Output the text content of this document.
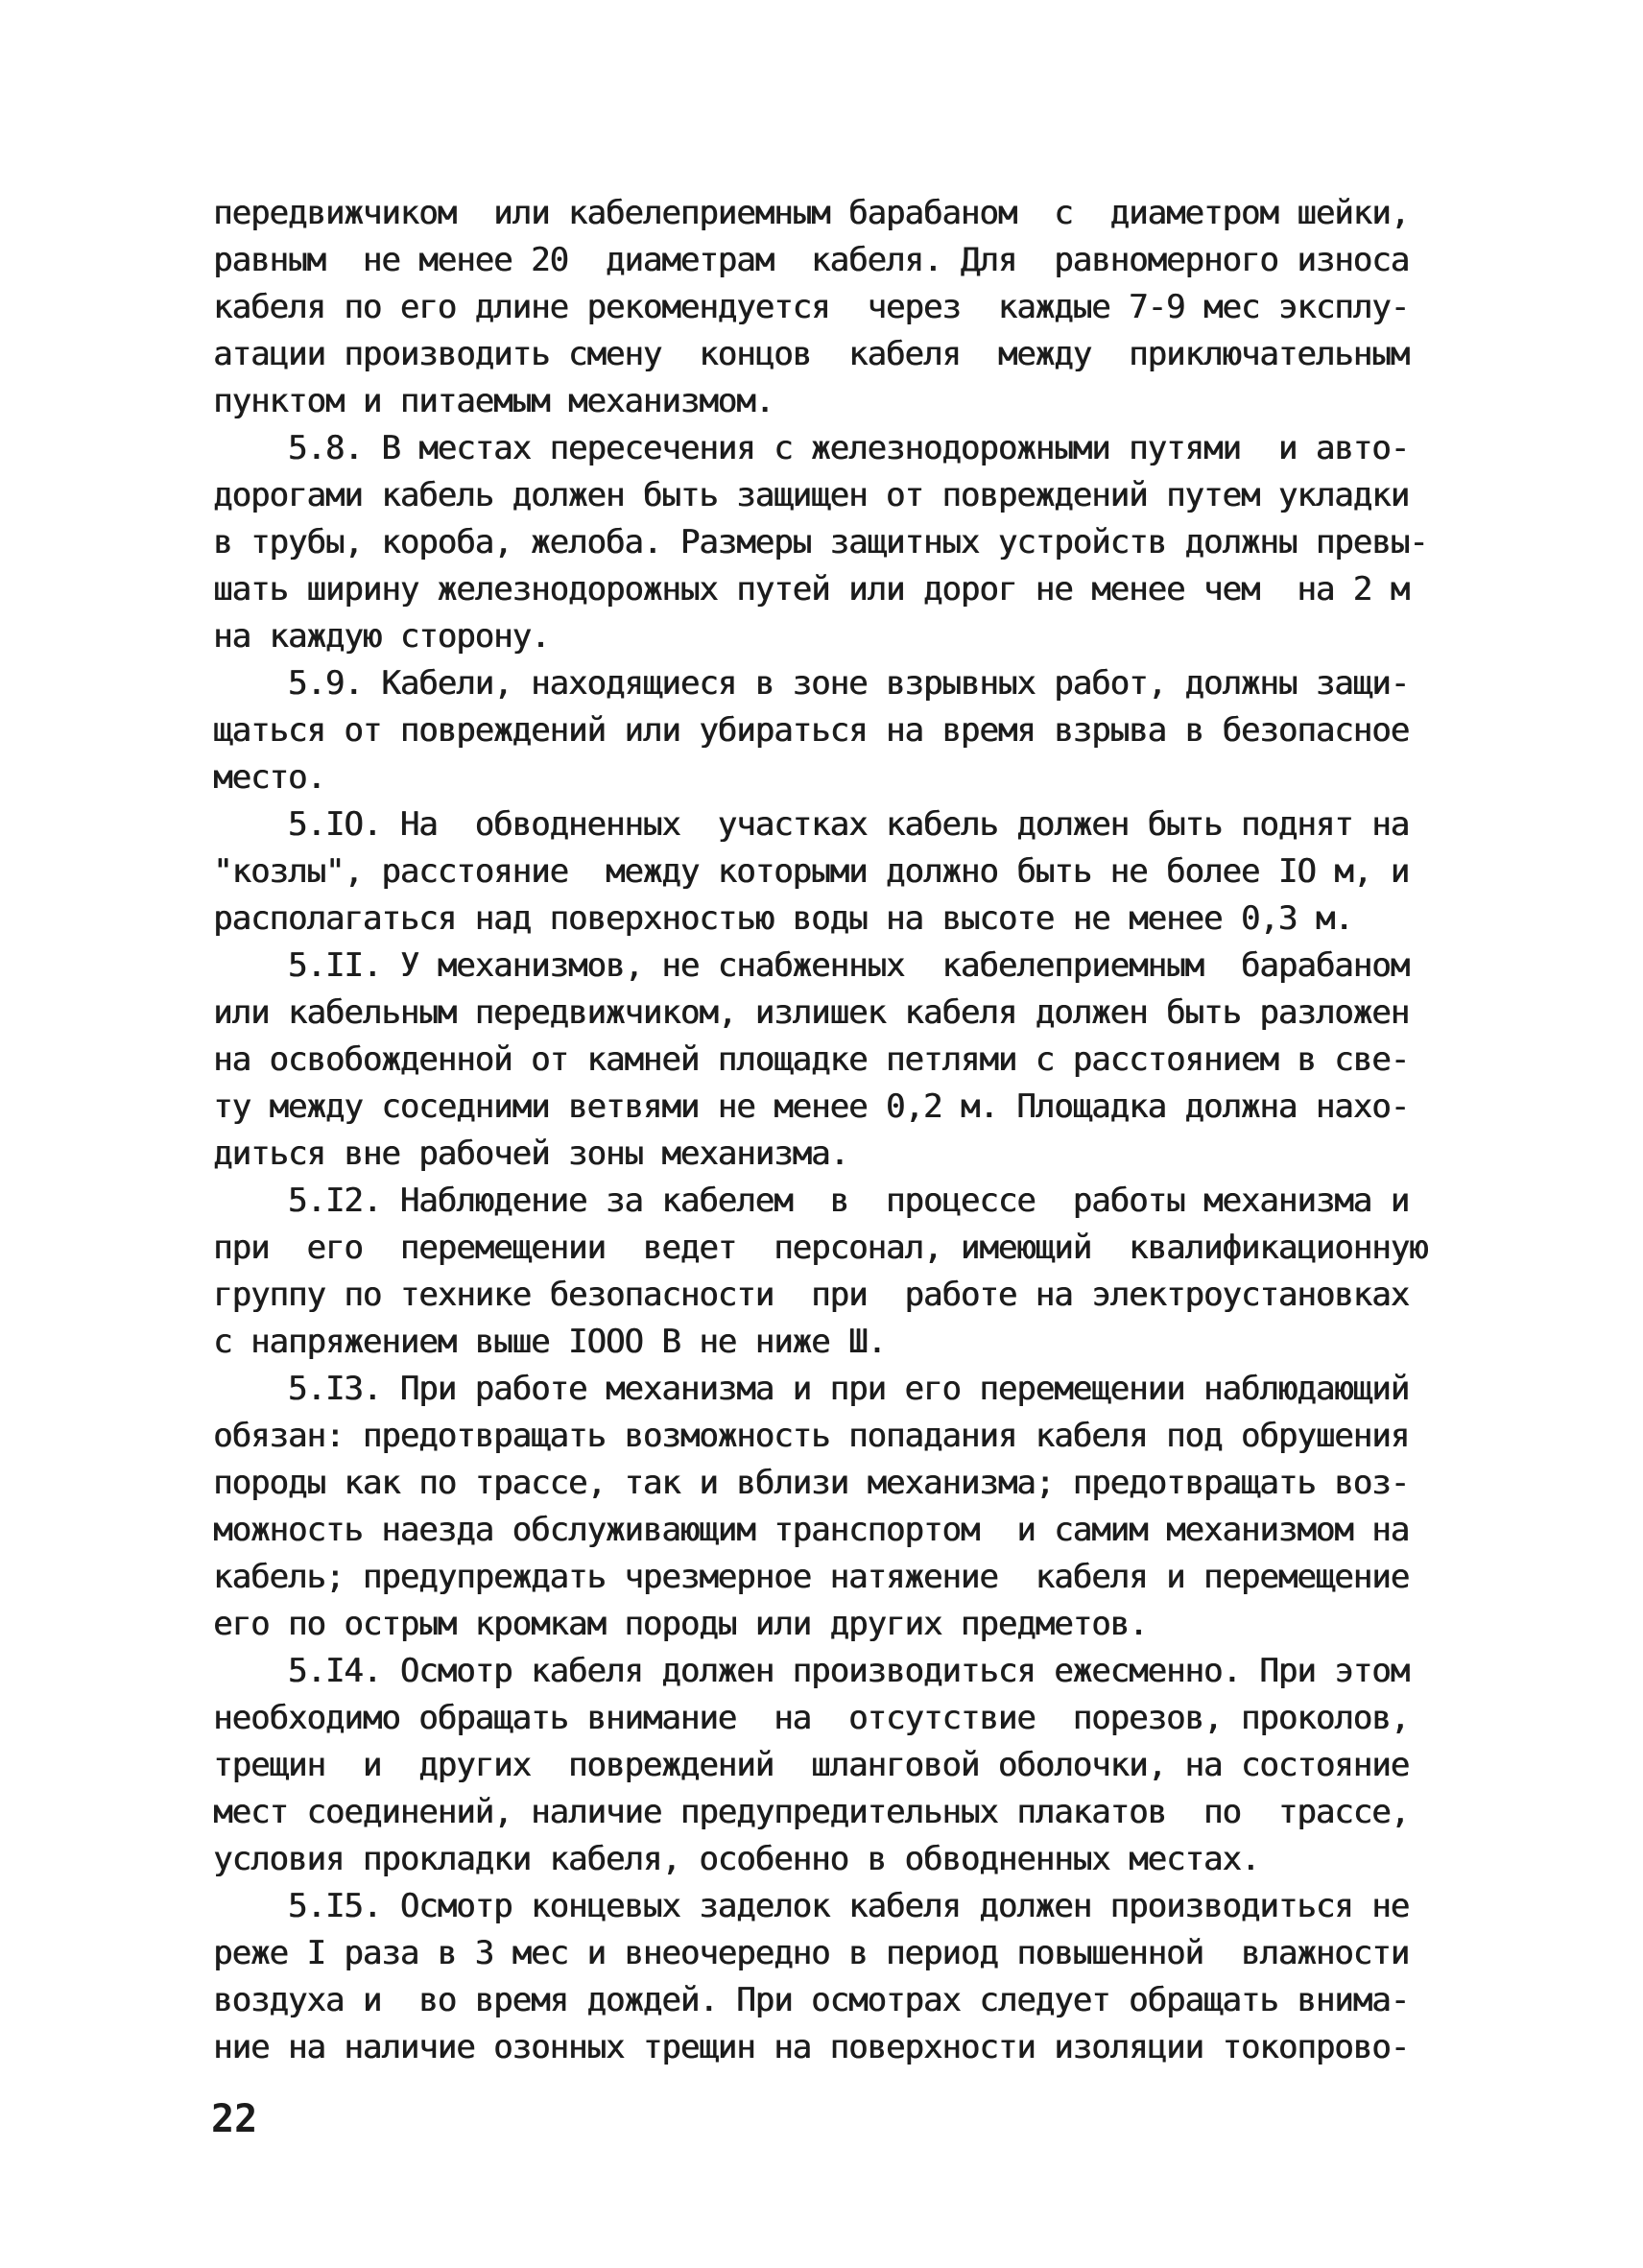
передвижчиком  или кабелеприемным барабаном  с  диаметром шейки,
равным  не менее 20  диаметрам  кабеля. Для  равномерного износа
кабеля по его длине рекомендуется  через  каждые 7-9 мес эксплу-
атации производить смену  концов  кабеля  между  приключательным
пунктом и питаемым механизмом.
5.8. В местах пересечения с железнодорожными путями  и авто-
дорогами кабель должен быть защищен от повреждений путем укладки
в трубы, короба, желоба. Размеры защитных устройств должны превы-
шать ширину железнодорожных путей или дорог не менее чем  на 2 м
на каждую сторону.
5.9. Кабели, находящиеся в зоне взрывных работ, должны защи-
щаться от повреждений или убираться на время взрыва в безопасное
место.
5.IO. На  обводненных  участках кабель должен быть поднят на
"козлы", расстояние  между которыми должно быть не более IO м, и
располагаться над поверхностью воды на высоте не менее 0,3 м.
5.II. У механизмов, не снабженных  кабелеприемным  барабаном
или кабельным передвижчиком, излишек кабеля должен быть разложен
на освобожденной от камней площадке петлями с расстоянием в све-
ту между соседними ветвями не менее 0,2 м. Площадка должна нахо-
диться вне рабочей зоны механизма.
5.I2. Наблюдение за кабелем  в  процессе  работы механизма и
при  его  перемещении  ведет  персонал, имеющий  квалификационную
группу по технике безопасности  при  работе на электроустановках
с напряжением выше IOOO В не ниже Ш.
5.I3. При работе механизма и при его перемещении наблюдающий
обязан: предотвращать возможность попадания кабеля под обрушения
породы как по трассе, так и вблизи механизма; предотвращать воз-
можность наезда обслуживающим транспортом  и самим механизмом на
кабель; предупреждать чрезмерное натяжение  кабеля и перемещение
его по острым кромкам породы или других предметов.
5.I4. Осмотр кабеля должен производиться ежесменно. При этом
необходимо обращать внимание  на  отсутствие  порезов, проколов,
трещин  и  других  повреждений  шланговой оболочки, на состояние
мест соединений, наличие предупредительных плакатов  по  трассе,
условия прокладки кабеля, особенно в обводненных местах.
5.I5. Осмотр концевых заделок кабеля должен производиться не
реже I раза в 3 мес и внеочередно в период повышенной  влажности
воздуха и  во время дождей. При осмотрах следует обращать внима-
ние на наличие озонных трещин на поверхности изоляции токопрово-
22
